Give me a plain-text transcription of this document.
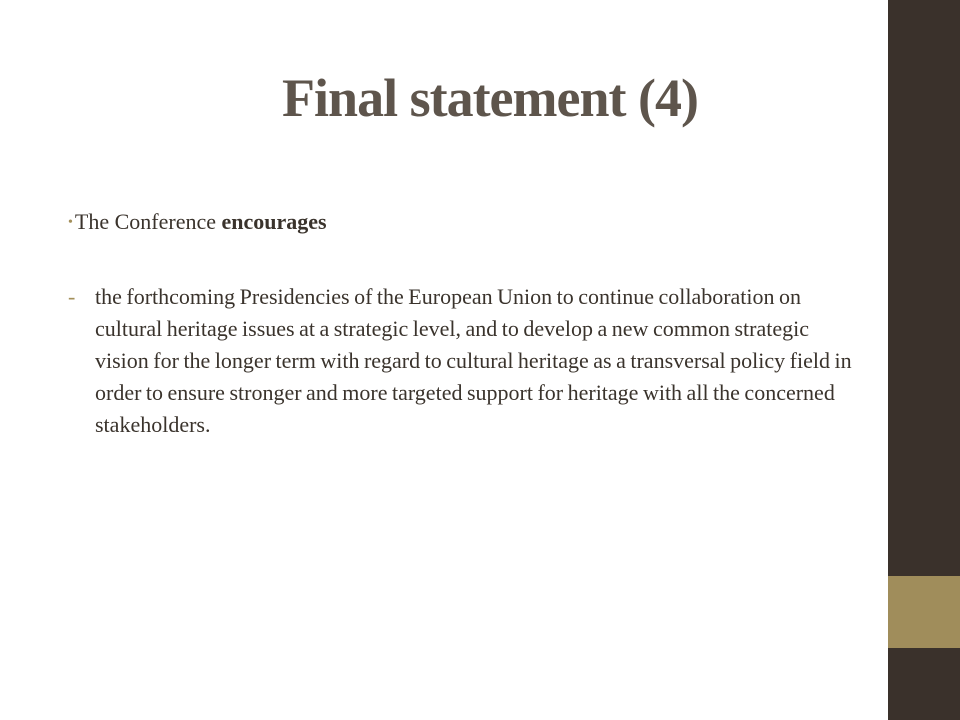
Final statement (4)

•The Conference encourages

- the forthcoming Presidencies of the European Union to continue collaboration on cultural heritage issues at a strategic level, and to develop a new common strategic vision for the longer term with regard to cultural heritage as a transversal policy field in order to ensure stronger and more targeted support for heritage with all the concerned stakeholders.
